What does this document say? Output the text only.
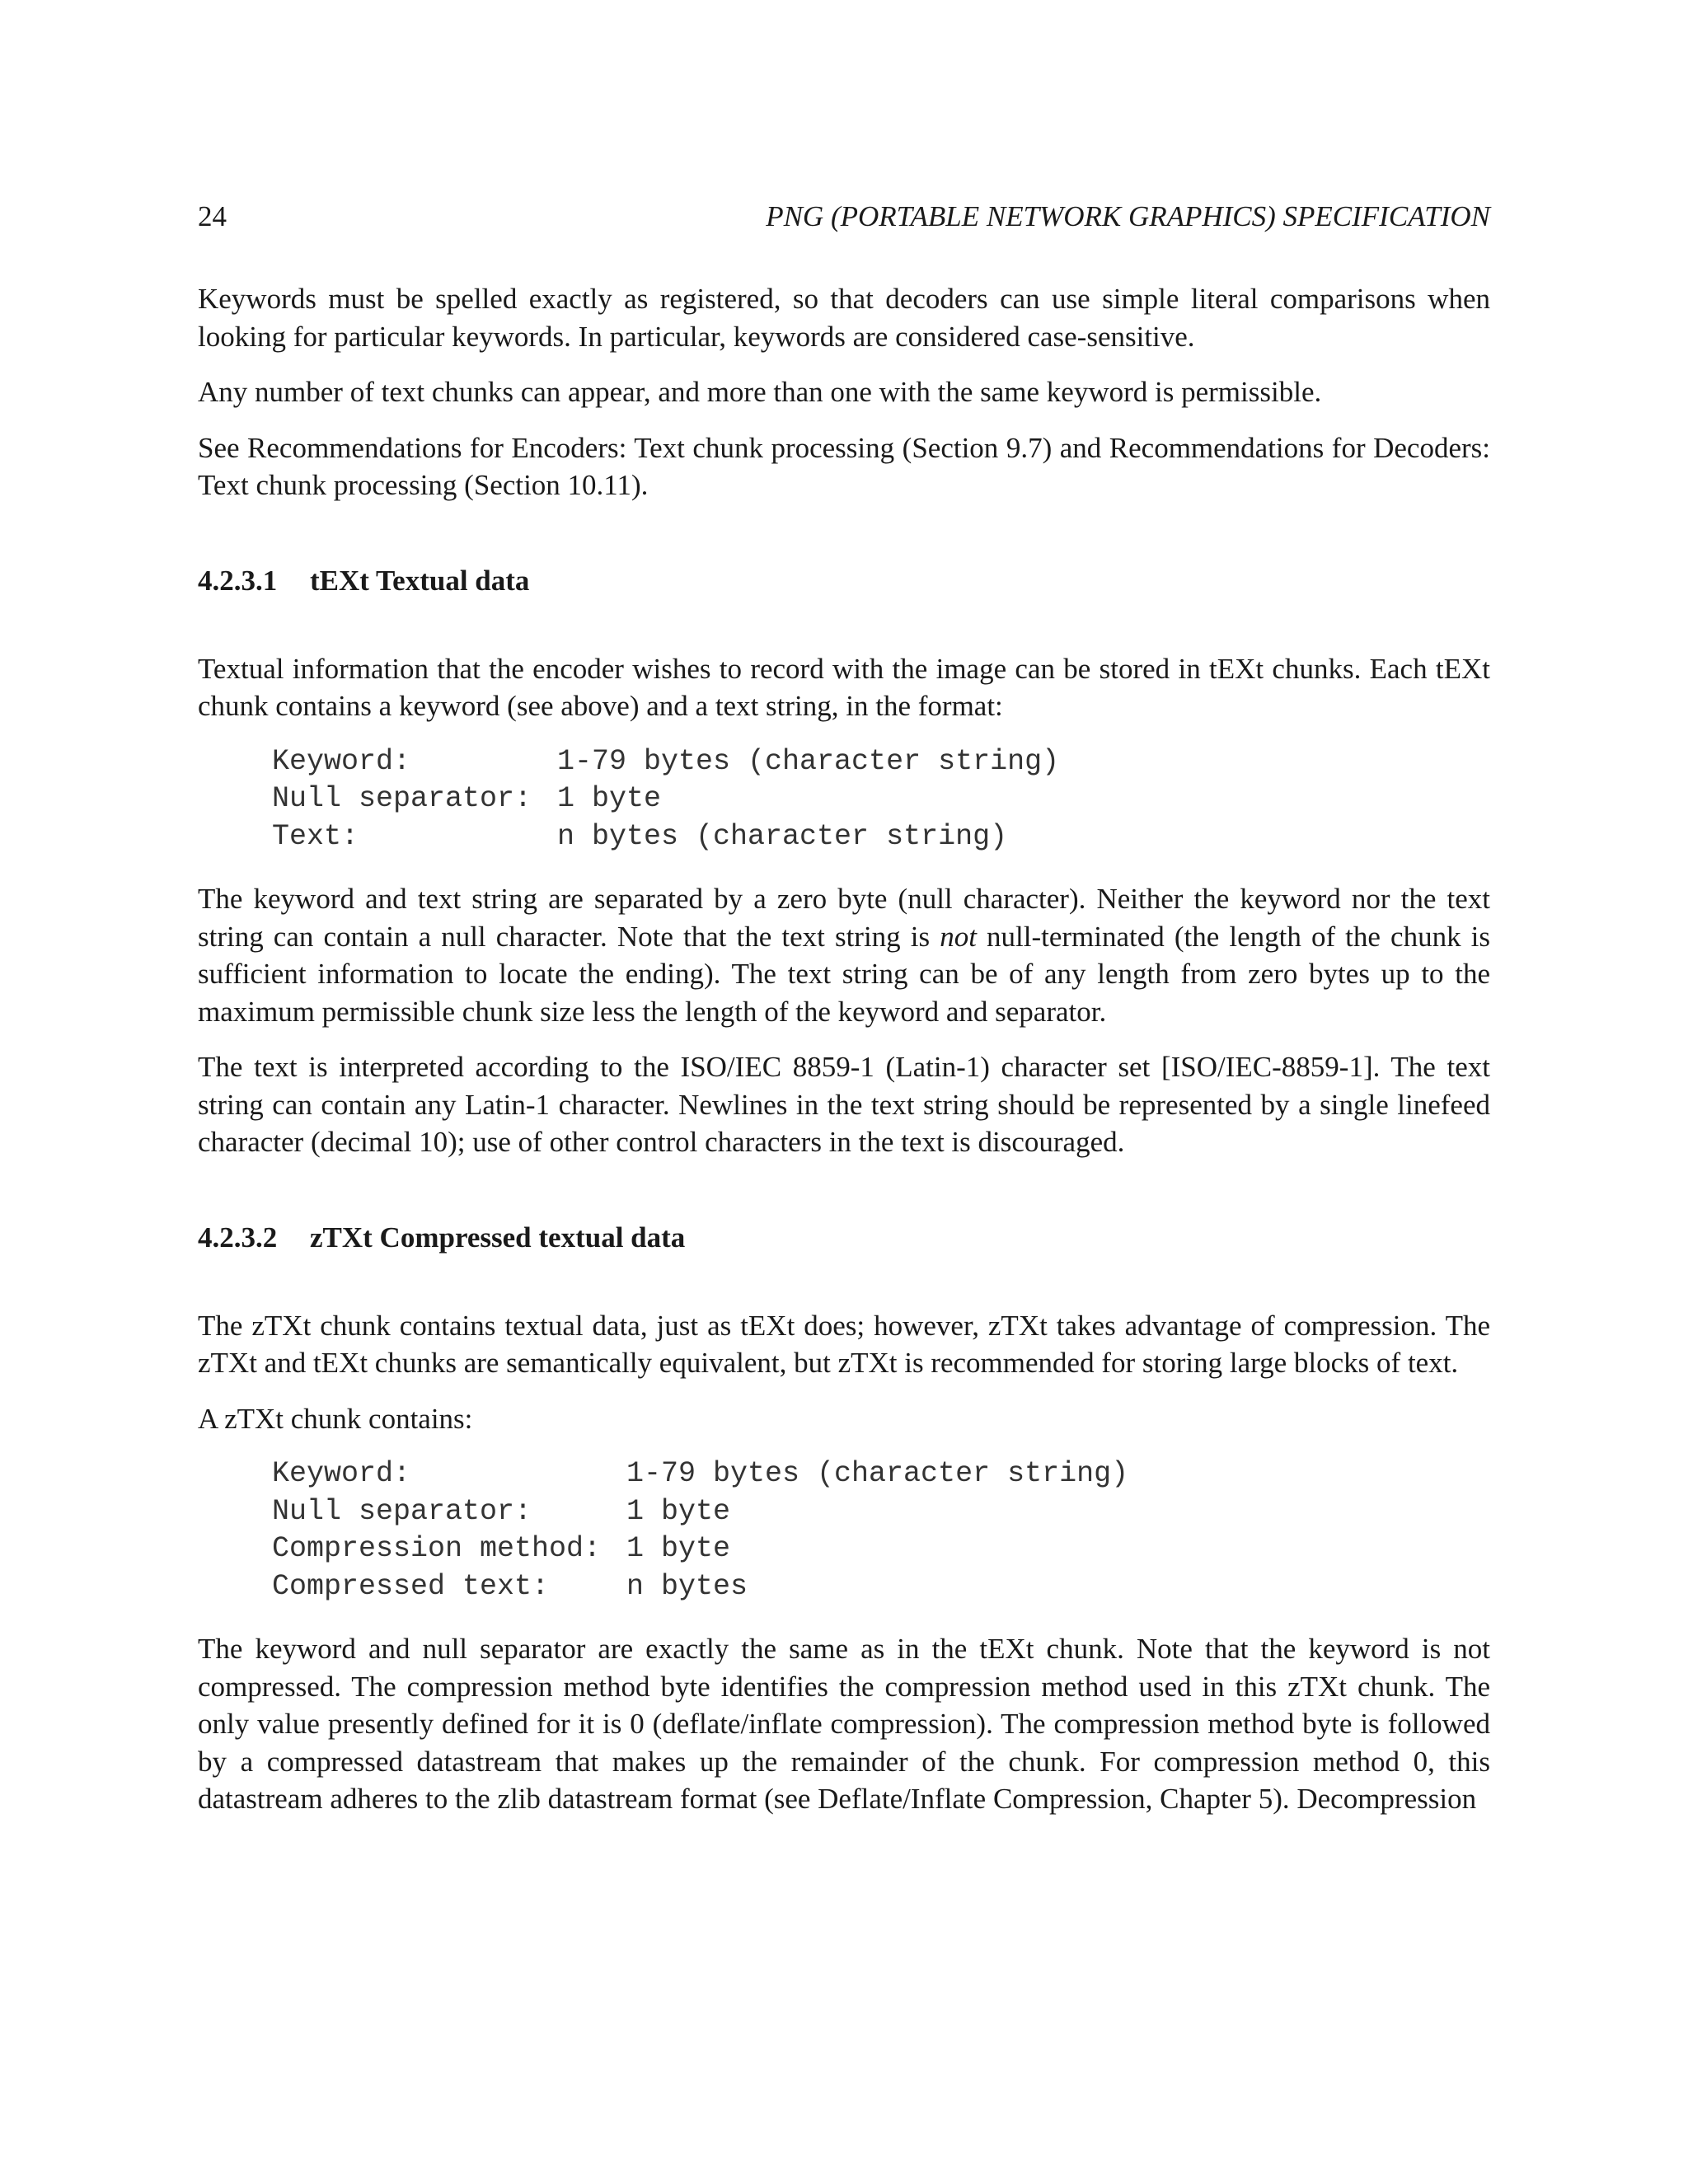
24	PNG (PORTABLE NETWORK GRAPHICS) SPECIFICATION

Keywords must be spelled exactly as registered, so that decoders can use simple literal comparisons when looking for particular keywords. In particular, keywords are considered case-sensitive.

Any number of text chunks can appear, and more than one with the same keyword is permissible.

See Recommendations for Encoders: Text chunk processing (Section 9.7) and Recommendations for Decoders: Text chunk processing (Section 10.11).

4.2.3.1 tEXt Textual data

Textual information that the encoder wishes to record with the image can be stored in tEXt chunks. Each tEXt chunk contains a keyword (see above) and a text string, in the format:

Keyword:	1-79 bytes (character string)
Null separator: 1 byte
Text:	n bytes (character string)

The keyword and text string are separated by a zero byte (null character). Neither the keyword nor the text string can contain a null character. Note that the text string is not null-terminated (the length of the chunk is sufficient information to locate the ending). The text string can be of any length from zero bytes up to the maximum permissible chunk size less the length of the keyword and separator.

The text is interpreted according to the ISO/IEC 8859-1 (Latin-1) character set [ISO/IEC-8859-1]. The text string can contain any Latin-1 character. Newlines in the text string should be represented by a single linefeed character (decimal 10); use of other control characters in the text is discouraged.

4.2.3.2 zTXt Compressed textual data

The zTXt chunk contains textual data, just as tEXt does; however, zTXt takes advantage of compression. The zTXt and tEXt chunks are semantically equivalent, but zTXt is recommended for storing large blocks of text.

A zTXt chunk contains:

Keyword:	1-79 bytes (character string)
Null separator:	1 byte
Compression method: 1 byte
Compressed text:	n bytes

The keyword and null separator are exactly the same as in the tEXt chunk. Note that the keyword is not compressed. The compression method byte identifies the compression method used in this zTXt chunk. The only value presently defined for it is 0 (deflate/inflate compression). The compression method byte is followed by a compressed datastream that makes up the remainder of the chunk. For compression method 0, this datastream adheres to the zlib datastream format (see Deflate/Inflate Compression, Chapter 5). Decompression
